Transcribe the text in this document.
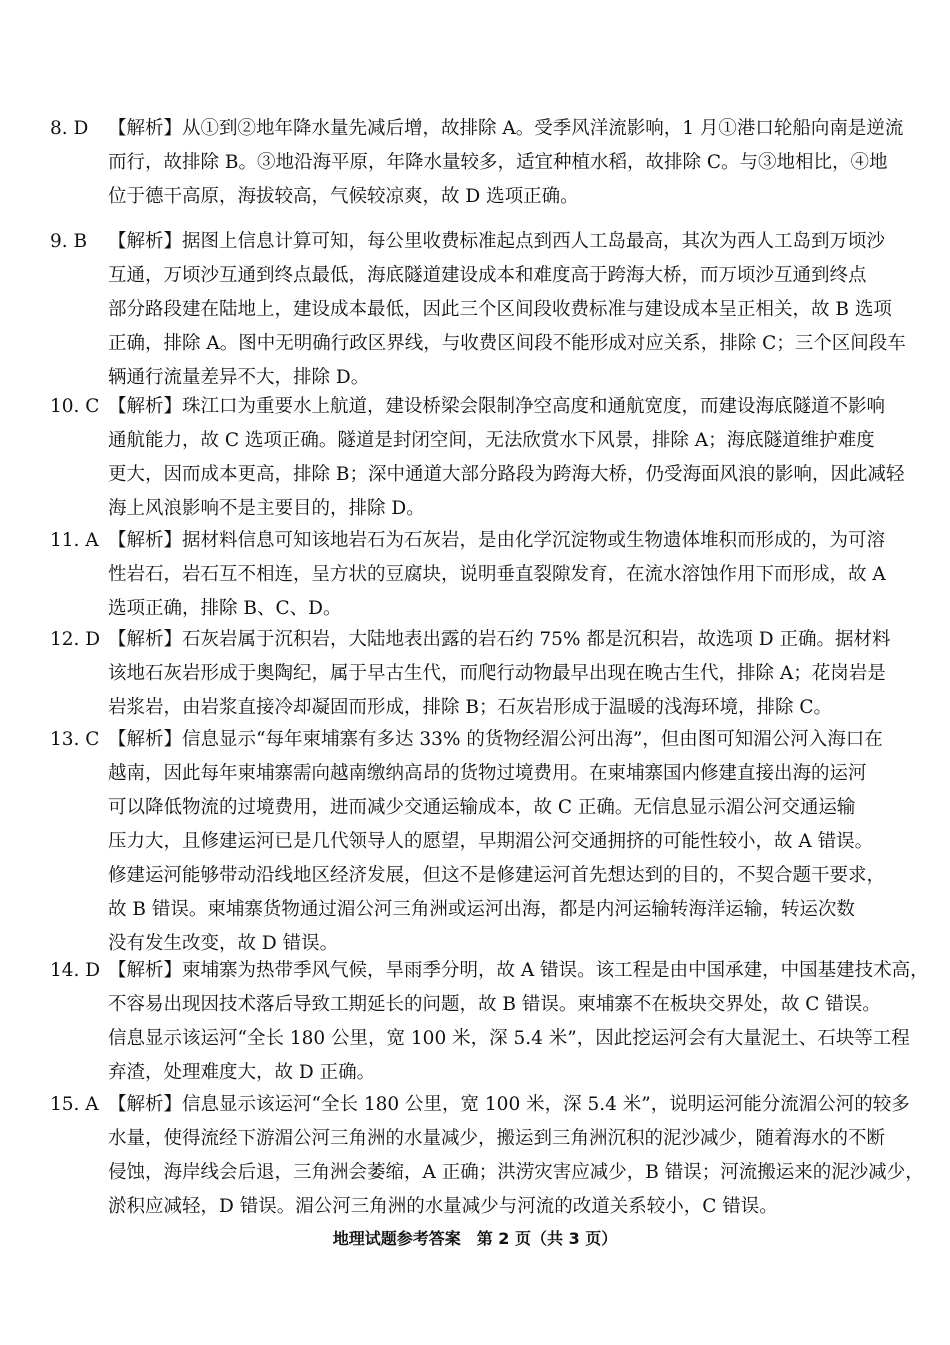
8. D	【解析】从①到②地年降水量先减后增，故排除 A。受季风洋流影响，1 月①港口轮船向南是逆流
而行，故排除 B。③地沿海平原，年降水量较多，适宜种植水稻，故排除 C。与③地相比，④地
位于德干高原，海拔较高，气候较凉爽，故 D 选项正确。
9. B	【解析】据图上信息计算可知，每公里收费标准起点到西人工岛最高，其次为西人工岛到万顷沙
互通，万顷沙互通到终点最低，海底隧道建设成本和难度高于跨海大桥，而万顷沙互通到终点
部分路段建在陆地上，建设成本最低，因此三个区间段收费标准与建设成本呈正相关，故 B 选项
正确，排除 A。图中无明确行政区界线，与收费区间段不能形成对应关系，排除 C；三个区间段车
辆通行流量差异不大，排除 D。
10. C 【解析】珠江口为重要水上航道，建设桥梁会限制净空高度和通航宽度，而建设海底隧道不影响
通航能力，故 C 选项正确。隧道是封闭空间，无法欣赏水下风景，排除 A；海底隧道维护难度
更大，因而成本更高，排除 B；深中通道大部分路段为跨海大桥，仍受海面风浪的影响，因此减轻
海上风浪影响不是主要目的，排除 D。
11. A 【解析】据材料信息可知该地岩石为石灰岩，是由化学沉淀物或生物遗体堆积而形成的，为可溶
性岩石，岩石互不相连，呈方状的豆腐块，说明垂直裂隙发育，在流水溶蚀作用下而形成，故 A
选项正确，排除 B、C、D。
12. D 【解析】石灰岩属于沉积岩，大陆地表出露的岩石约 75% 都是沉积岩，故选项 D 正确。据材料
该地石灰岩形成于奥陶纪，属于早古生代，而爬行动物最早出现在晚古生代，排除 A；花岗岩是
岩浆岩，由岩浆直接冷却凝固而形成，排除 B；石灰岩形成于温暖的浅海环境，排除 C。
13. C 【解析】信息显示“每年柬埔寨有多达 33% 的货物经湄公河出海”，但由图可知湄公河入海口在
越南，因此每年柬埔寨需向越南缴纳高昂的货物过境费用。在柬埔寨国内修建直接出海的运河
可以降低物流的过境费用，进而减少交通运输成本，故 C 正确。无信息显示湄公河交通运输
压力大，且修建运河已是几代领导人的愿望，早期湄公河交通拥挤的可能性较小，故 A 错误。
修建运河能够带动沿线地区经济发展，但这不是修建运河首先想达到的目的，不契合题干要求，
故 B 错误。柬埔寨货物通过湄公河三角洲或运河出海，都是内河运输转海洋运输，转运次数
没有发生改变，故 D 错误。
14. D 【解析】柬埔寨为热带季风气候，旱雨季分明，故 A 错误。该工程是由中国承建，中国基建技术高，
不容易出现因技术落后导致工期延长的问题，故 B 错误。柬埔寨不在板块交界处，故 C 错误。
信息显示该运河“全长 180 公里，宽 100 米，深 5.4 米”，因此挖运河会有大量泥土、石块等工程
弃渣，处理难度大，故 D 正确。
15. A 【解析】信息显示该运河“全长 180 公里，宽 100 米，深 5.4 米”，说明运河能分流湄公河的较多
水量，使得流经下游湄公河三角洲的水量减少，搬运到三角洲沉积的泥沙减少，随着海水的不断
侵蚀，海岸线会后退，三角洲会萎缩，A 正确；洪涝灾害应减少，B 错误；河流搬运来的泥沙减少，
淤积应减轻，D 错误。湄公河三角洲的水量减少与河流的改道关系较小，C 错误。
地理试题参考答案　第 2 页（共 3 页）
